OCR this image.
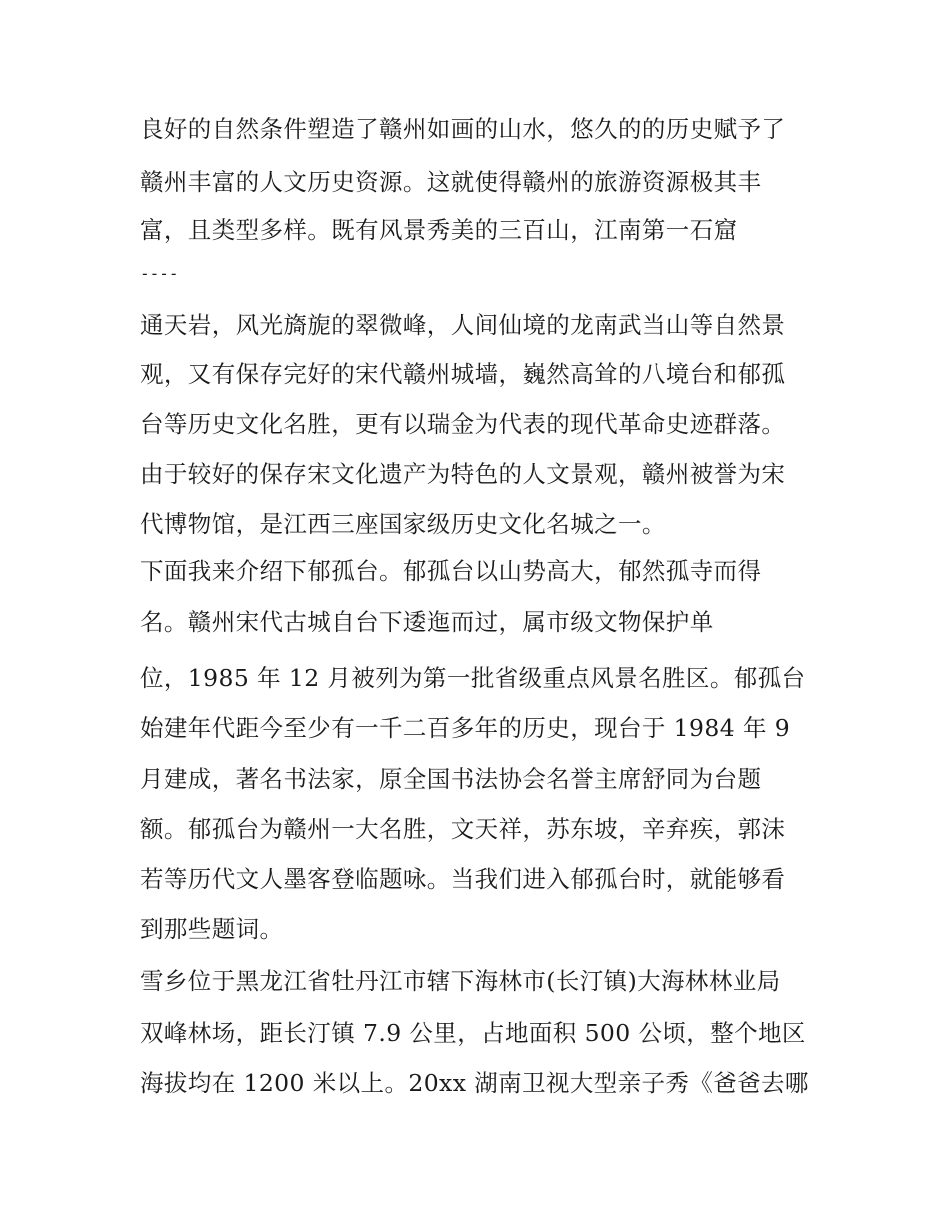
良好的自然条件塑造了赣州如画的山水，悠久的的历史赋予了
赣州丰富的人文历史资源。这就使得赣州的旅游资源极其丰
富，且类型多样。既有风景秀美的三百山，江南第一石窟
----
通天岩，风光旖旎的翠微峰，人间仙境的龙南武当山等自然景
观，又有保存完好的宋代赣州城墙，巍然高耸的八境台和郁孤
台等历史文化名胜，更有以瑞金为代表的现代革命史迹群落。
由于较好的保存宋文化遗产为特色的人文景观，赣州被誉为宋
代博物馆，是江西三座国家级历史文化名城之一。
下面我来介绍下郁孤台。郁孤台以山势高大，郁然孤寺而得
名。赣州宋代古城自台下逶迤而过，属市级文物保护单
位，1985 年 12 月被列为第一批省级重点风景名胜区。郁孤台
始建年代距今至少有一千二百多年的历史，现台于 1984 年 9
月建成，著名书法家，原全国书法协会名誉主席舒同为台题
额。郁孤台为赣州一大名胜，文天祥，苏东坡，辛弃疾，郭沫
若等历代文人墨客登临题咏。当我们进入郁孤台时，就能够看
到那些题词。
雪乡位于黑龙江省牡丹江市辖下海林市(长汀镇)大海林林业局
双峰林场，距长汀镇 7.9 公里，占地面积 500 公顷，整个地区
海拔均在 1200 米以上。20xx 湖南卫视大型亲子秀《爸爸去哪
